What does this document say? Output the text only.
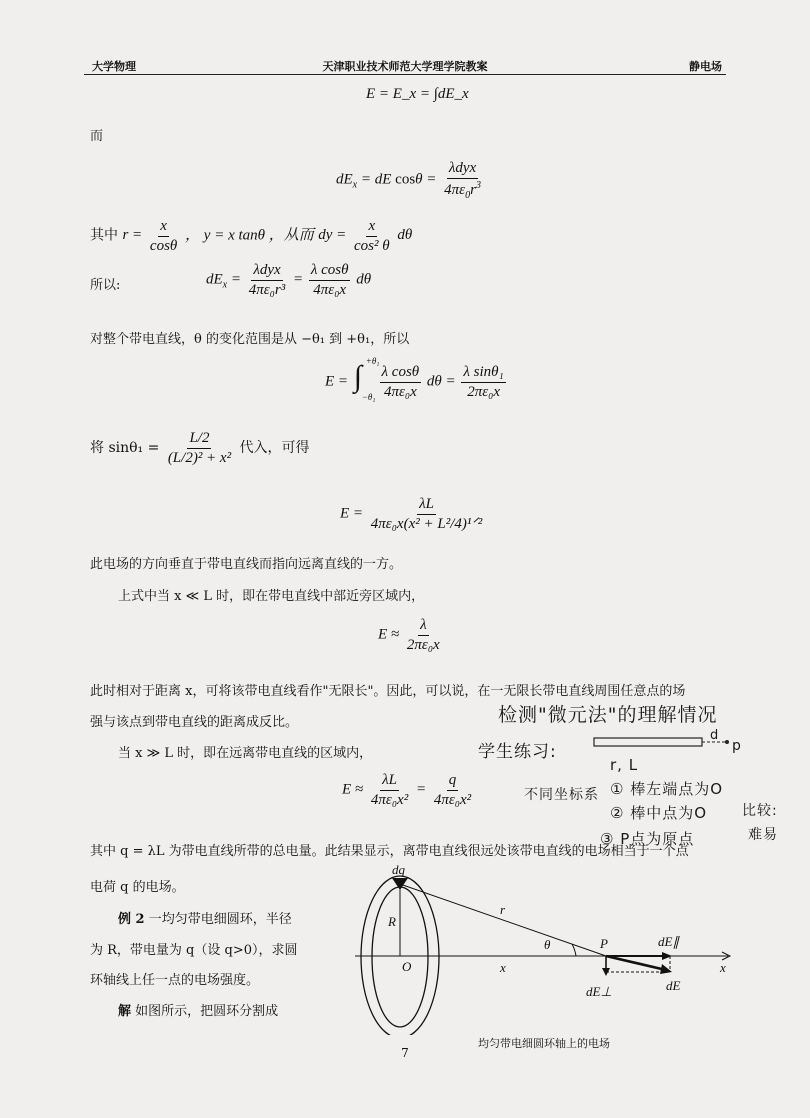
大学物理	天津职业技术师范大学理学院教案	静电场
E = E_x = ∫dE_x
而
$dE_x$ = dE $\cos\theta = \frac{\text{λdyx}}{4\pi\varepsilon_0r^3}$
其中 $r = \frac{x}{\cos\theta}$ ， y = x tanθ ，从而 dy = $\frac{x}{\text{cos² θ}}$ dθ
所以:	$dE_x = \frac{\text{λdyx}}{\text{4πε₀r³}} = \frac{\text{λ cosθ}}{\text{4πε₀x}}$ dθ
对整个带电直线，θ 的变化范围是从 −θ₁ 到 +θ₁，所以
E = ∫ +θ₁
−θ₁
$\frac{\text{λ cosθ}}{\text{4πε₀x}}$ $d\theta = \frac{\text{λ sinθ₁}}{\text{2πε₀x}}$
将 $\sin\theta_1 = \frac{L/2}{\text{(L/2)² + x²}}$ 代入，可得
$E = \frac{\lambda L}{\text{4πε₀x(x² + L²/4)¹ᐟ²}}$
此电场的方向垂直于带电直线而指向远离直线的一方。
上式中当 x ≪ L 时，即在带电直线中部近旁区域内，
$E \approx \frac{\lambda}{\text{2πε₀x}}$
此时相对于距离 x，可将该带电直线看作"无限长"。因此，可以说，在一无限长带电直线周围任意点的场
强与该点到带电直线的距离成反比。
当 x ≫ L 时，即在远离带电直线的区域内，
$E \approx \frac{\lambda L}{\text{4πε₀x²}} = \frac{q}{\text{4πε₀x²}}$
其中 q = λL 为带电直线所带的总电量。此结果显示，离带电直线很远处该带电直线的电场相当于一个点
电荷 q 的电场。
例 2 一均匀带电细圆环，半径
为 R，带电量为 q（设 q>0），求圆
环轴线上任一点的电场强度。
解 如图所示，把圆环分割成
dq
R
r
θ
O	x
P	dE∥
x
dE⊥	dE
均匀带电细圆环轴上的电场
7
检测"微元法"的理解情况
学生练习:
d
p
r, L
不同坐标系 ① 棒左端点为O
② 棒中点为O
③ P点为原点
比较:
难易
